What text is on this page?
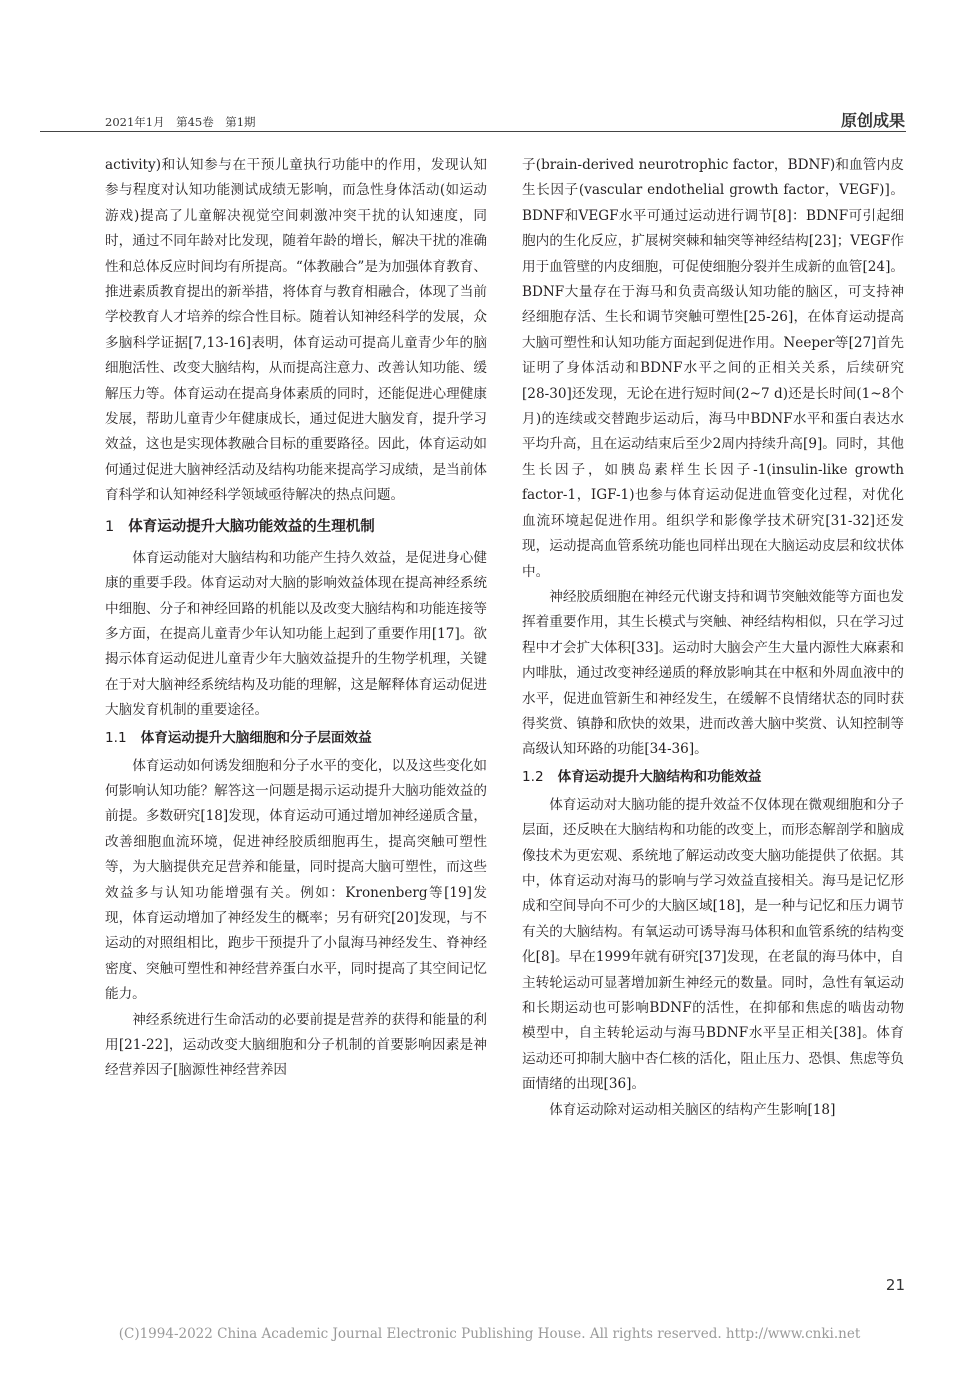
2021年1月　第45卷　第1期	原创成果

activity)和认知参与在干预儿童执行功能中的作用，发现认知参与程度对认知功能测试成绩无影响，而急性身体活动(如运动游戏)提高了儿童解决视觉空间刺激冲突干扰的认知速度，同时，通过不同年龄对比发现，随着年龄的增长，解决干扰的准确性和总体反应时间均有所提高。“体教融合”是为加强体育教育、推进素质教育提出的新举措，将体育与教育相融合，体现了当前学校教育人才培养的综合性目标。随着认知神经科学的发展，众多脑科学证据[7,13-16]表明，体育运动可提高儿童青少年的脑细胞活性、改变大脑结构，从而提高注意力、改善认知功能、缓解压力等。体育运动在提高身体素质的同时，还能促进心理健康发展，帮助儿童青少年健康成长，通过促进大脑发育，提升学习效益，这也是实现体教融合目标的重要路径。因此，体育运动如何通过促进大脑神经活动及结构功能来提高学习成绩，是当前体育科学和认知神经科学领域亟待解决的热点问题。

1 体育运动提升大脑功能效益的生理机制

体育运动能对大脑结构和功能产生持久效益，是促进身心健康的重要手段。体育运动对大脑的影响效益体现在提高神经系统中细胞、分子和神经回路的机能以及改变大脑结构和功能连接等多方面，在提高儿童青少年认知功能上起到了重要作用[17]。欲揭示体育运动促进儿童青少年大脑效益提升的生物学机理，关键在于对大脑神经系统结构及功能的理解，这是解释体育运动促进大脑发育机制的重要途径。

1.1 体育运动提升大脑细胞和分子层面效益

体育运动如何诱发细胞和分子水平的变化，以及这些变化如何影响认知功能？解答这一问题是揭示运动提升大脑功能效益的前提。多数研究[18]发现，体育运动可通过增加神经递质含量，改善细胞血流环境，促进神经胶质细胞再生，提高突触可塑性等，为大脑提供充足营养和能量，同时提高大脑可塑性，而这些效益多与认知功能增强有关。例如：Kronenberg等[19]发现，体育运动增加了神经发生的概率；另有研究[20]发现，与不运动的对照组相比，跑步干预提升了小鼠海马神经发生、脊神经密度、突触可塑性和神经营养蛋白水平，同时提高了其空间记忆能力。

神经系统进行生命活动的必要前提是营养的获得和能量的利用[21-22]，运动改变大脑细胞和分子机制的首要影响因素是神经营养因子[脑源性神经营养因

子(brain-derived neurotrophic factor，BDNF)和血管内皮生长因子(vascular endothelial growth factor，VEGF)]。BDNF和VEGF水平可通过运动进行调节[8]：BDNF可引起细胞内的生化反应，扩展树突棘和轴突等神经结构[23]；VEGF作用于血管壁的内皮细胞，可促使细胞分裂并生成新的血管[24]。BDNF大量存在于海马和负责高级认知功能的脑区，可支持神经细胞存活、生长和调节突触可塑性[25-26]，在体育运动提高大脑可塑性和认知功能方面起到促进作用。Neeper等[27]首先证明了身体活动和BDNF水平之间的正相关关系，后续研究[28-30]还发现，无论在进行短时间(2~7 d)还是长时间(1~8个月)的连续或交替跑步运动后，海马中BDNF水平和蛋白表达水平均升高，且在运动结束后至少2周内持续升高[9]。同时，其他生长因子，如胰岛素样生长因子-1(insulin-like growth factor-1，IGF-1)也参与体育运动促进血管变化过程，对优化血流环境起促进作用。组织学和影像学技术研究[31-32]还发现，运动提高血管系统功能也同样出现在大脑运动皮层和纹状体中。

神经胶质细胞在神经元代谢支持和调节突触效能等方面也发挥着重要作用，其生长模式与突触、神经结构相似，只在学习过程中才会扩大体积[33]。运动时大脑会产生大量内源性大麻素和内啡肽，通过改变神经递质的释放影响其在中枢和外周血液中的水平，促进血管新生和神经发生，在缓解不良情绪状态的同时获得奖赏、镇静和欣快的效果，进而改善大脑中奖赏、认知控制等高级认知环路的功能[34-36]。

1.2 体育运动提升大脑结构和功能效益

体育运动对大脑功能的提升效益不仅体现在微观细胞和分子层面，还反映在大脑结构和功能的改变上，而形态解剖学和脑成像技术为更宏观、系统地了解运动改变大脑功能提供了依据。其中，体育运动对海马的影响与学习效益直接相关。海马是记忆形成和空间导向不可少的大脑区域[18]，是一种与记忆和压力调节有关的大脑结构。有氧运动可诱导海马体积和血管系统的结构变化[8]。早在1999年就有研究[37]发现，在老鼠的海马体中，自主转轮运动可显著增加新生神经元的数量。同时，急性有氧运动和长期运动也可影响BDNF的活性，在抑郁和焦虑的啮齿动物模型中，自主转轮运动与海马BDNF水平呈正相关[38]。体育运动还可抑制大脑中杏仁核的活化，阻止压力、恐惧、焦虑等负面情绪的出现[36]。

体育运动除对运动相关脑区的结构产生影响[18]

21
(C)1994-2022 China Academic Journal Electronic Publishing House. All rights reserved. http://www.cnki.net
